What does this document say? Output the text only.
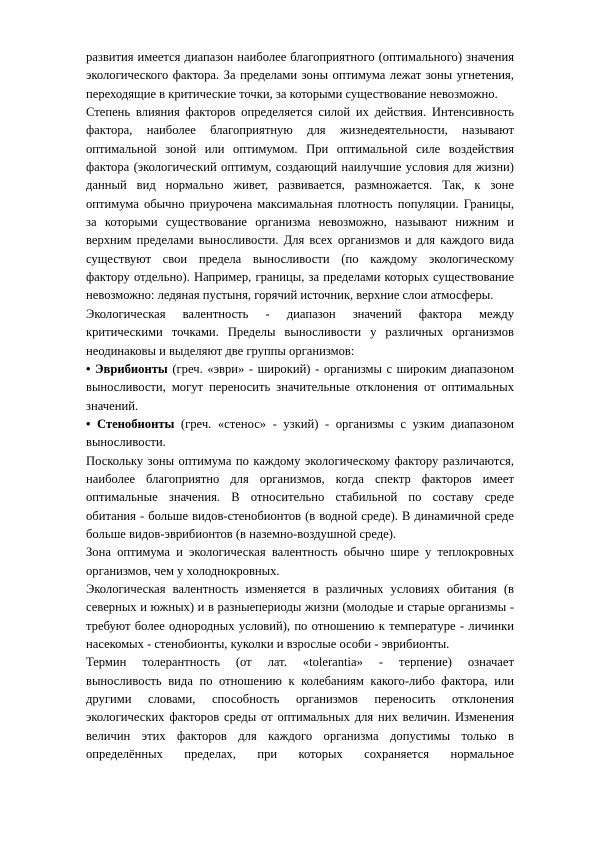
развития имеется диапазон наиболее благоприятного (оптимального) значения
экологического фактора. За пределами зоны оптимума лежат зоны угнетения,
переходящие в критические точки, за которыми существование невозможно.
Степень влияния факторов определяется силой их действия. Интенсивность
фактора, наиболее благоприятную для жизнедеятельности, называют
оптимальной зоной или оптимумом. При оптимальной силе воздействия
фактора (экологический оптимум, создающий наилучшие условия для жизни)
данный вид нормально живет, развивается, размножается. Так, к зоне
оптимума обычно приурочена максимальная плотность популяции. Границы,
за которыми существование организма невозможно, называют нижним и
верхним пределами выносливости. Для всех организмов и для каждого вида
существуют свои предела выносливости (по каждому экологическому
фактору отдельно). Например, границы, за пределами которых существование
невозможно: ледяная пустыня, горячий источник, верхние слои атмосферы.
Экологическая валентность - диапазон значений фактора между
критическими точками. Пределы выносливости у различных организмов
неодинаковы и выделяют две группы организмов:
• Эврибионты (греч. «эври» - широкий) - организмы с широким диапазоном
выносливости, могут переносить значительные отклонения от оптимальных
значений.
• Стенобионты (греч. «стенос» - узкий) - организмы с узким диапазоном
выносливости.
Поскольку зоны оптимума по каждому экологическому фактору различаются,
наиболее благоприятно для организмов, когда спектр факторов имеет
оптимальные значения. В относительно стабильной по составу среде
обитания - больше видов-стенобионтов (в водной среде). В динамичной среде
больше видов-эврибионтов (в наземно-воздушной среде).
Зона оптимума и экологическая валентность обычно шире у теплокровных
организмов, чем у холоднокровных.
Экологическая валентность изменяется в различных условиях обитания (в
северных и южных) и в разныепериоды жизни (молодые и старые организмы -
требуют более однородных условий), по отношению к температуре - личинки
насекомых - стенобионты, куколки и взрослые особи - эврибионты.
Термин толерантность (от лат. «tolerantia» - терпение) означает
выносливость вида по отношению к колебаниям какого-либо фактора, или
другими словами, способность организмов переносить отклонения
экологических факторов среды от оптимальных для них величин. Изменения
величин этих факторов для каждого организма допустимы только в
определённых пределах, при которых сохраняется нормальное
